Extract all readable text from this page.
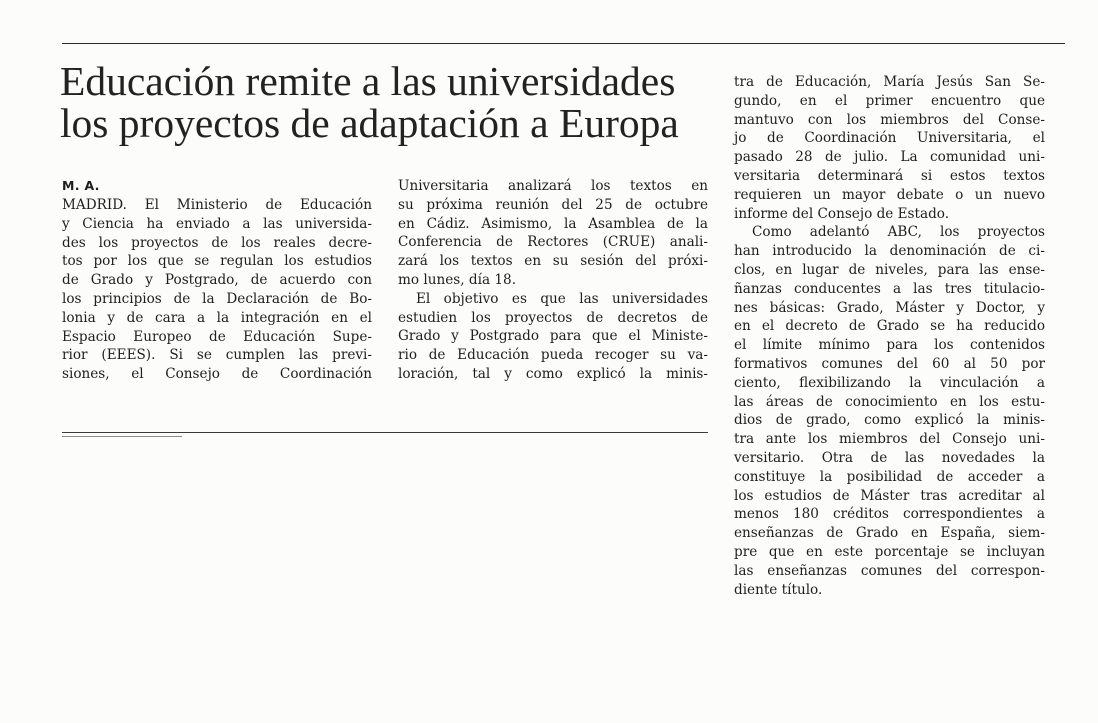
Educación remite a las universidades
los proyectos de adaptación a Europa
M. A.
MADRID. El Ministerio de Educación
y Ciencia ha enviado a las universida-
des los proyectos de los reales decre-
tos por los que se regulan los estudios
de Grado y Postgrado, de acuerdo con
los principios de la Declaración de Bo-
lonia y de cara a la integración en el
Espacio Europeo de Educación Supe-
rior (EEES). Si se cumplen las previ-
siones, el Consejo de Coordinación
Universitaria analizará los textos en
su próxima reunión del 25 de octubre
en Cádiz. Asimismo, la Asamblea de la
Conferencia de Rectores (CRUE) anali-
zará los textos en su sesión del próxi-
mo lunes, día 18.
El objetivo es que las universidades
estudien los proyectos de decretos de
Grado y Postgrado para que el Ministe-
rio de Educación pueda recoger su va-
loración, tal y como explicó la minis-
tra de Educación, María Jesús San Se-
gundo, en el primer encuentro que
mantuvo con los miembros del Conse-
jo de Coordinación Universitaria, el
pasado 28 de julio. La comunidad uni-
versitaria determinará si estos textos
requieren un mayor debate o un nuevo
informe del Consejo de Estado.
Como adelantó ABC, los proyectos
han introducido la denominación de ci-
clos, en lugar de niveles, para las ense-
ñanzas conducentes a las tres titulacio-
nes básicas: Grado, Máster y Doctor, y
en el decreto de Grado se ha reducido
el límite mínimo para los contenidos
formativos comunes del 60 al 50 por
ciento, flexibilizando la vinculación a
las áreas de conocimiento en los estu-
dios de grado, como explicó la minis-
tra ante los miembros del Consejo uni-
versitario. Otra de las novedades la
constituye la posibilidad de acceder a
los estudios de Máster tras acreditar al
menos 180 créditos correspondientes a
enseñanzas de Grado en España, siem-
pre que en este porcentaje se incluyan
las enseñanzas comunes del correspon-
diente título.
